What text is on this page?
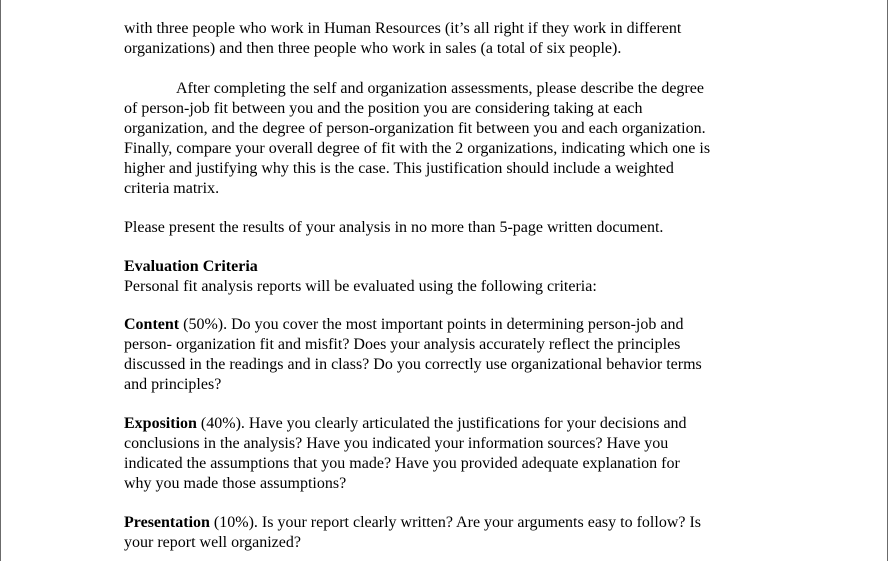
with three people who work in Human Resources (it’s all right if they work in different
organizations) and then three people who work in sales (a total of six people).

After completing the self and organization assessments, please describe the degree
of person-job fit between you and the position you are considering taking at each
organization, and the degree of person-organization fit between you and each organization.
Finally, compare your overall degree of fit with the 2 organizations, indicating which one is
higher and justifying why this is the case. This justification should include a weighted
criteria matrix.

Please present the results of your analysis in no more than 5-page written document.

Evaluation Criteria
Personal fit analysis reports will be evaluated using the following criteria:

Content (50%). Do you cover the most important points in determining person-job and
person- organization fit and misfit? Does your analysis accurately reflect the principles
discussed in the readings and in class? Do you correctly use organizational behavior terms
and principles?

Exposition (40%). Have you clearly articulated the justifications for your decisions and
conclusions in the analysis? Have you indicated your information sources? Have you
indicated the assumptions that you made? Have you provided adequate explanation for
why you made those assumptions?

Presentation (10%). Is your report clearly written? Are your arguments easy to follow? Is
your report well organized?
